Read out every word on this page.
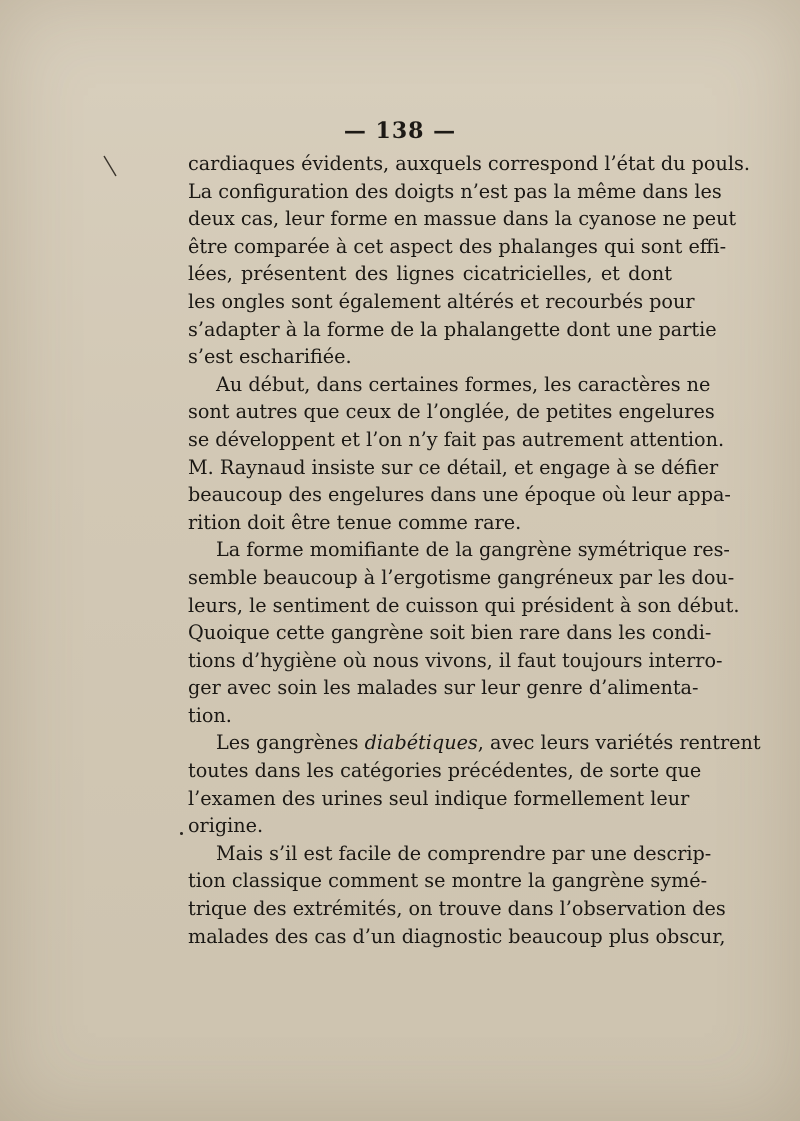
— 138 —

cardiaques évidents, auxquels correspond l’état du pouls.
La configuration des doigts n’est pas la même dans les
deux cas, leur forme en massue dans la cyanose ne peut
être comparée à cet aspect des phalanges qui sont effi-
lées, présentent des lignes cicatricielles, et dont
les ongles sont également altérés et recourbés pour
s’adapter à la forme de la phalangette dont une partie
s’est escharifiée.

Au début, dans certaines formes, les caractères ne
sont autres que ceux de l’onglée, de petites engelures
se développent et l’on n’y fait pas autrement attention.
M. Raynaud insiste sur ce détail, et engage à se défier
beaucoup des engelures dans une époque où leur appa-
rition doit être tenue comme rare.

La forme momifiante de la gangrène symétrique res-
semble beaucoup à l’ergotisme gangréneux par les dou-
leurs, le sentiment de cuisson qui président à son début.
Quoique cette gangrène soit bien rare dans les condi-
tions d’hygiène où nous vivons, il faut toujours interro-
ger avec soin les malades sur leur genre d’alimenta-
tion.

Les gangrènes diabétiques, avec leurs variétés rentrent
toutes dans les catégories précédentes, de sorte que
l’examen des urines seul indique formellement leur
origine.

Mais s’il est facile de comprendre par une descrip-
tion classique comment se montre la gangrène symé-
trique des extrémités, on trouve dans l’observation des
malades des cas d’un diagnostic beaucoup plus obscur,
